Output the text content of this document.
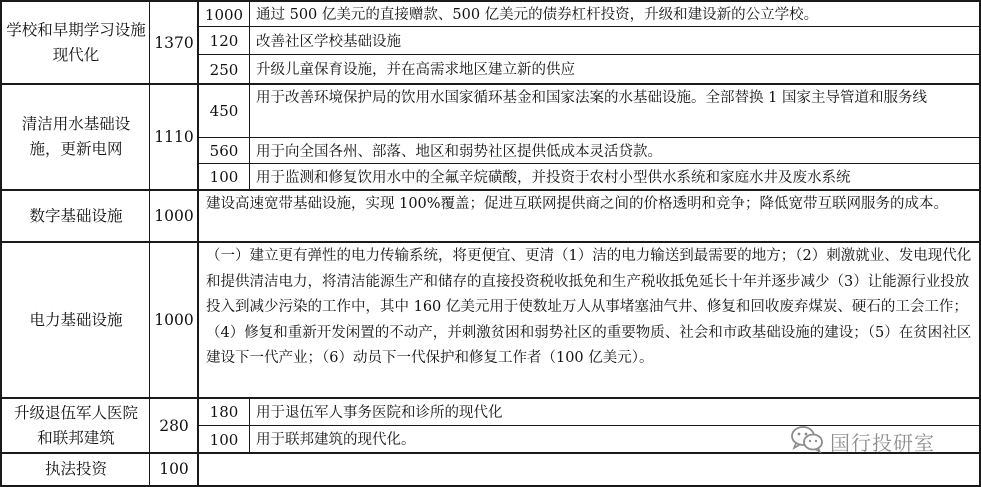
学校和早期学习设施现代化
1370
1000 通过 500 亿美元的直接赠款、500 亿美元的债券杠杆投资，升级和建设新的公立学校。
120 改善社区学校基础设施
250 升级儿童保育设施，并在高需求地区建立新的供应
清洁用水基础设施，更新电网
1110
450
用于改善环境保护局的饮用水国家循环基金和国家法案的水基础设施。全部替换 1 国家主导管道和服务线
560 用于向全国各州、部落、地区和弱势社区提供低成本灵活贷款。
100 用于监测和修复饮用水中的全氟辛烷磺酸，并投资于农村小型供水系统和家庭水井及废水系统
数字基础设施 1000
建设高速宽带基础设施，实现 100%覆盖；促进互联网提供商之间的价格透明和竞争；降低宽带互联网服务的成本。
电力基础设施 1000
（一）建立更有弹性的电力传输系统，将更便宜、更清（1）洁的电力输送到最需要的地方；（2）刺激就业、发电现代化和提供清洁电力，将清洁能源生产和储存的直接投资税收抵免和生产税收抵免延长十年并逐步减少（3）让能源行业投放投入到减少污染的工作中，其中 160 亿美元用于使数址万人从事堵塞油气井、修复和回收废弃煤炭、硬石的工会工作；（4）修复和重新开发闲置的不动产，并刺激贫困和弱势社区的重要物质、社会和市政基础设施的建设；（5）在贫困社区建设下一代产业；（6）动员下一代保护和修复工作者（100 亿美元）。
升级退伍军人医院和联邦建筑
280
180 用于退伍军人事务医院和诊所的现代化
100 用于联邦建筑的现代化。
执法投资	100
国行投研室
